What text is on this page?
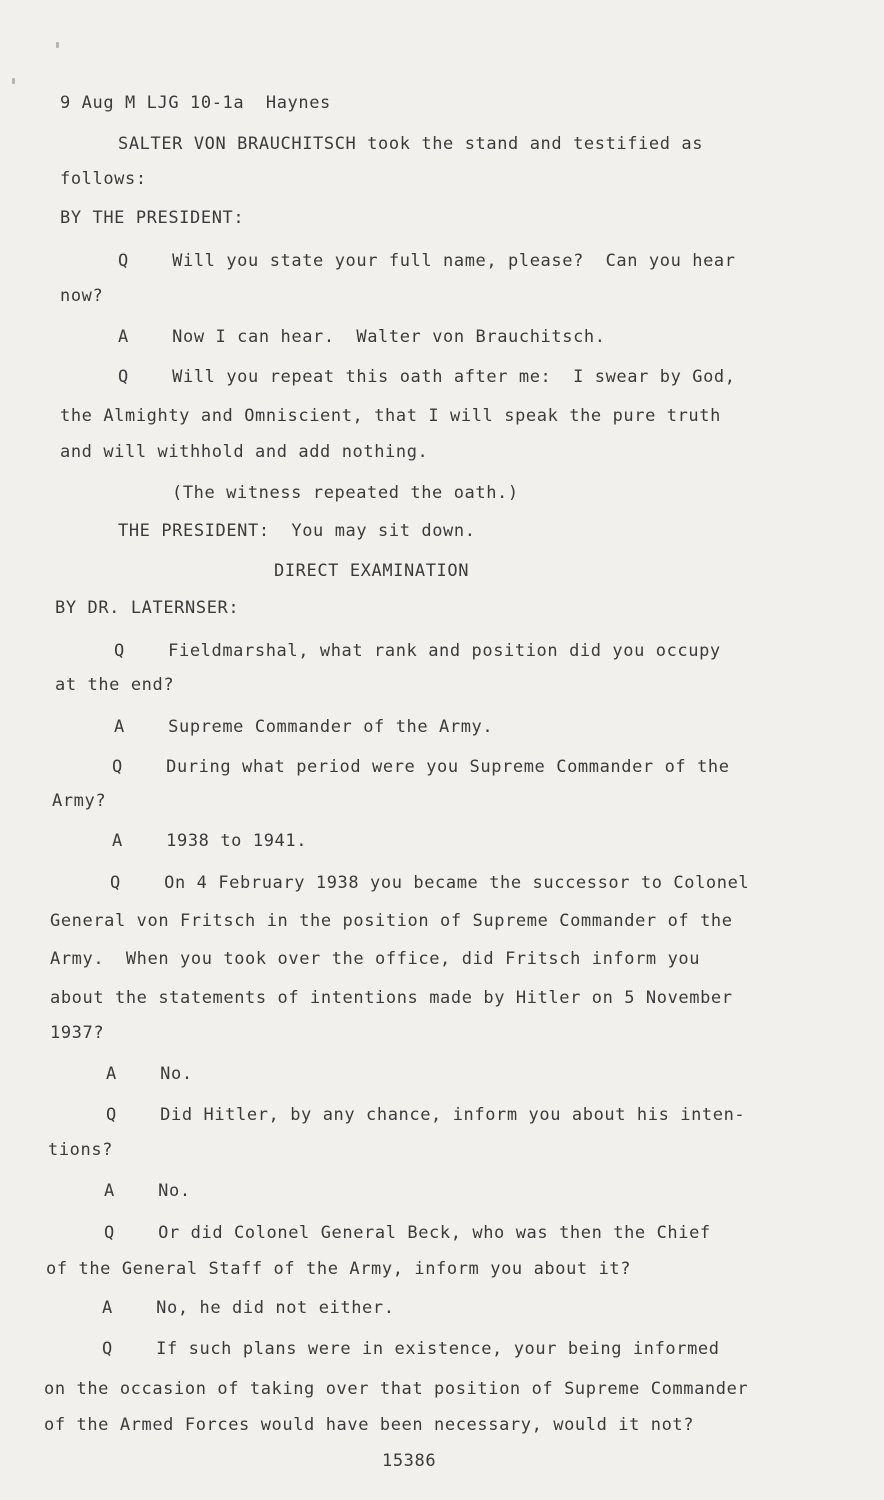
9 Aug M LJG 10-1a  Haynes
SALTER VON BRAUCHITSCH took the stand and testified as
follows:
BY THE PRESIDENT:
Q    Will you state your full name, please?  Can you hear
now?
A    Now I can hear.  Walter von Brauchitsch.
Q    Will you repeat this oath after me:  I swear by God,
the Almighty and Omniscient, that I will speak the pure truth
and will withhold and add nothing.
(The witness repeated the oath.)
THE PRESIDENT:  You may sit down.
DIRECT EXAMINATION
BY DR. LATERNSER:
Q    Fieldmarshal, what rank and position did you occupy
at the end?
A    Supreme Commander of the Army.
Q    During what period were you Supreme Commander of the
Army?
A    1938 to 1941.
Q    On 4 February 1938 you became the successor to Colonel
General von Fritsch in the position of Supreme Commander of the
Army.  When you took over the office, did Fritsch inform you
about the statements of intentions made by Hitler on 5 November
1937?
A    No.
Q    Did Hitler, by any chance, inform you about his inten-
tions?
A    No.
Q    Or did Colonel General Beck, who was then the Chief
of the General Staff of the Army, inform you about it?
A    No, he did not either.
Q    If such plans were in existence, your being informed
on the occasion of taking over that position of Supreme Commander
of the Armed Forces would have been necessary, would it not?
15386
